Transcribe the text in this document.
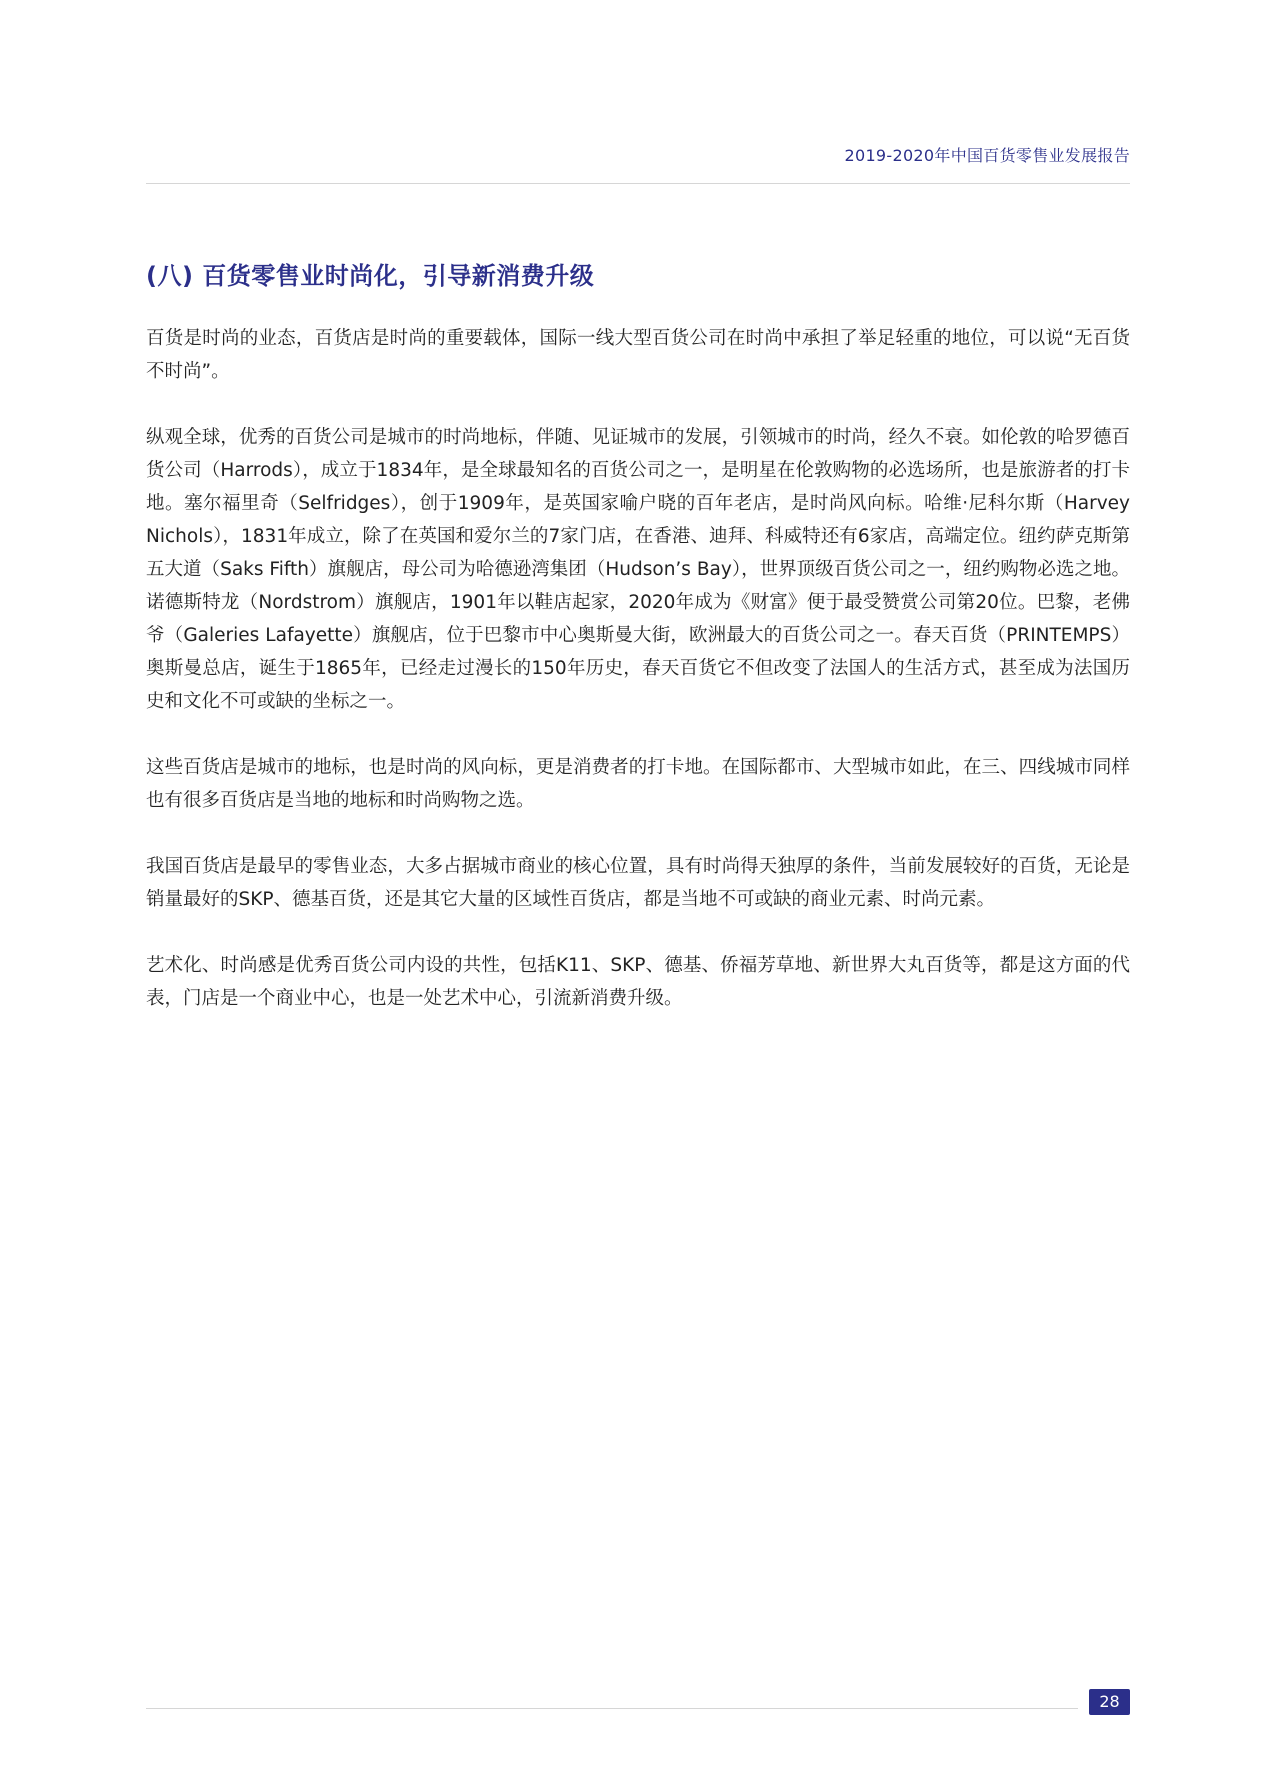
2019-2020年中国百货零售业发展报告
(八) 百货零售业时尚化，引导新消费升级

百货是时尚的业态，百货店是时尚的重要载体，国际一线大型百货公司在时尚中承担了举足轻重的地位，可以说“无百货不时尚”。

纵观全球，优秀的百货公司是城市的时尚地标，伴随、见证城市的发展，引领城市的时尚，经久不衰。如伦敦的哈罗德百货公司（Harrods），成立于1834年，是全球最知名的百货公司之一，是明星在伦敦购物的必选场所，也是旅游者的打卡地。塞尔福里奇（Selfridges），创于1909年，是英国家喻户晓的百年老店，是时尚风向标。哈维·尼科尔斯（Harvey Nichols），1831年成立，除了在英国和爱尔兰的7家门店，在香港、迪拜、科威特还有6家店，高端定位。纽约萨克斯第五大道（Saks Fifth）旗舰店，母公司为哈德逊湾集团（Hudson’s Bay），世界顶级百货公司之一，纽约购物必选之地。诺德斯特龙（Nordstrom）旗舰店，1901年以鞋店起家，2020年成为《财富》便于最受赞赏公司第20位。巴黎，老佛爷（Galeries Lafayette）旗舰店，位于巴黎市中心奥斯曼大街，欧洲最大的百货公司之一。春天百货（PRINTEMPS）奥斯曼总店，诞生于1865年，已经走过漫长的150年历史，春天百货它不但改变了法国人的生活方式，甚至成为法国历史和文化不可或缺的坐标之一。

这些百货店是城市的地标，也是时尚的风向标，更是消费者的打卡地。在国际都市、大型城市如此，在三、四线城市同样也有很多百货店是当地的地标和时尚购物之选。

我国百货店是最早的零售业态，大多占据城市商业的核心位置，具有时尚得天独厚的条件，当前发展较好的百货，无论是销量最好的SKP、德基百货，还是其它大量的区域性百货店，都是当地不可或缺的商业元素、时尚元素。

艺术化、时尚感是优秀百货公司内设的共性，包括K11、SKP、德基、侨福芳草地、新世界大丸百货等，都是这方面的代表，门店是一个商业中心，也是一处艺术中心，引流新消费升级。

28
